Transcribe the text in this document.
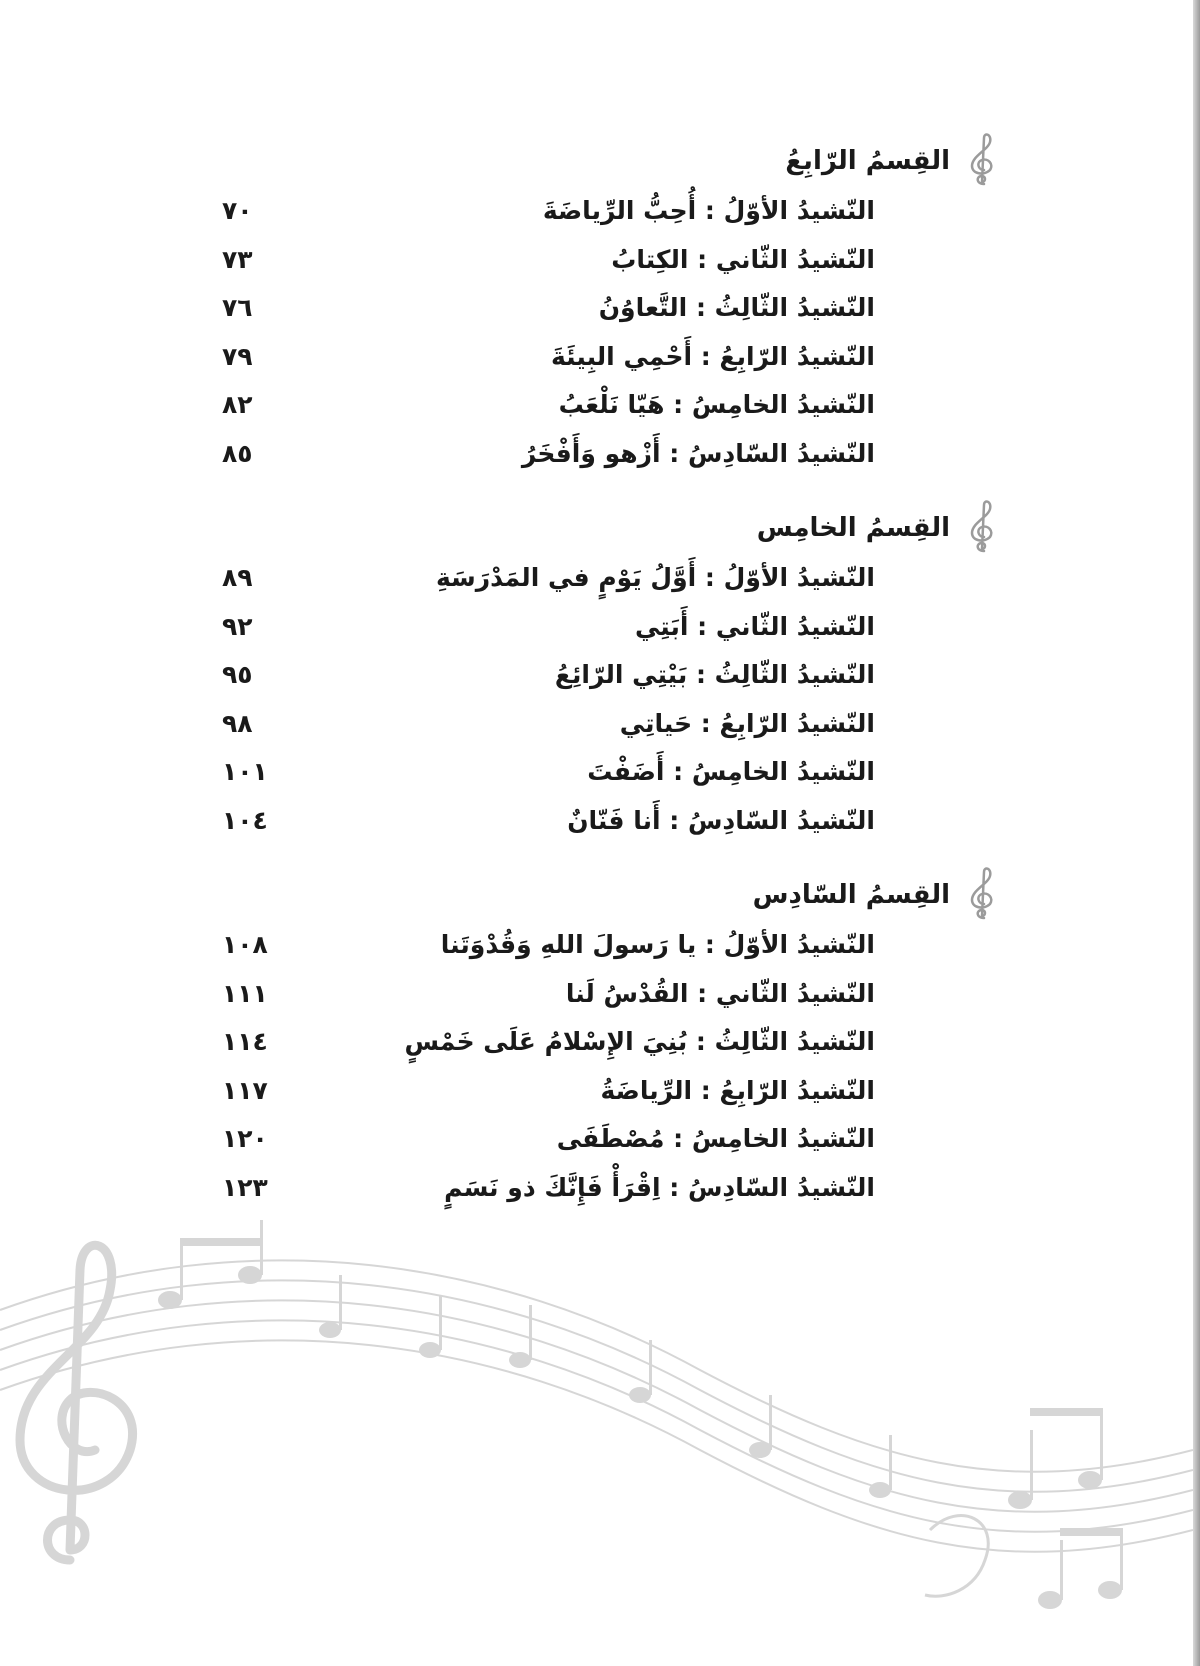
القِسمُ الرّابِعُ
النّشيدُ الأوّلُ : أُحِبُّ الرِّياضَةَ
٧٠
النّشيدُ الثّاني : الكِتابُ
٧٣
النّشيدُ الثّالِثُ : التَّعاوُنُ
٧٦
النّشيدُ الرّابِعُ : أَحْمِي البِيئَةَ
٧٩
النّشيدُ الخامِسُ : هَيّا نَلْعَبُ
٨٢
النّشيدُ السّادِسُ : أَزْهو وَأَفْخَرُ
٨٥
القِسمُ الخامِس
النّشيدُ الأوّلُ : أَوَّلُ يَوْمٍ في المَدْرَسَةِ
٨٩
النّشيدُ الثّاني : أَبَتِي
٩٢
النّشيدُ الثّالِثُ : بَيْتِي الرّائِعُ
٩٥
النّشيدُ الرّابِعُ : حَياتِي
٩٨
النّشيدُ الخامِسُ : أَضَفْتَ
١٠١
النّشيدُ السّادِسُ : أَنا فَنّانٌ
١٠٤
القِسمُ السّادِس
النّشيدُ الأوّلُ : يا رَسولَ اللهِ وَقُدْوَتَنا
١٠٨
النّشيدُ الثّاني : القُدْسُ لَنا
١١١
النّشيدُ الثّالِثُ : بُنِيَ الإِسْلامُ عَلَى خَمْسٍ
١١٤
النّشيدُ الرّابِعُ : الرِّياضَةُ
١١٧
النّشيدُ الخامِسُ : مُصْطَفَى
١٢٠
النّشيدُ السّادِسُ : اِقْرَأْ فَإِنَّكَ ذو نَسَمٍ
١٢٣
